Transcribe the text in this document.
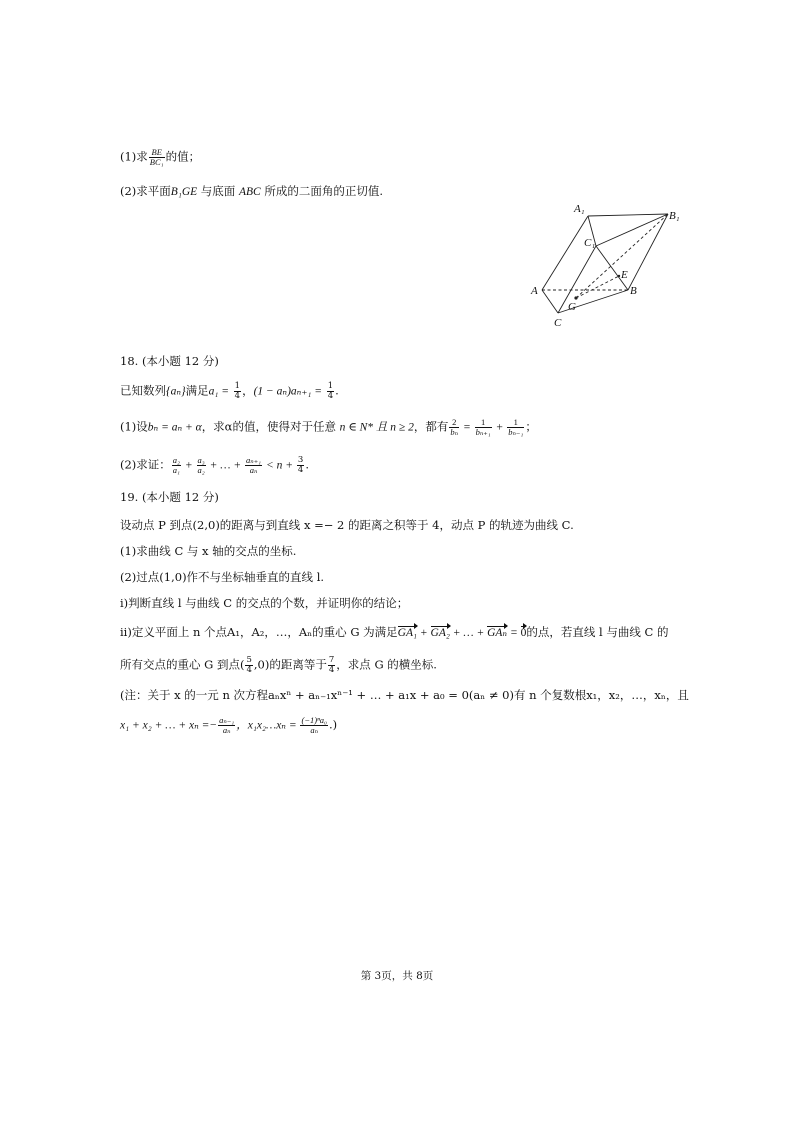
(1)求 $\frac{BE}{\text{BC₁}}$ 的值；
(2)求平面B₁GE 与底面 ABC 所成的二面角的正切值.
A₁
B₁
C₁
A	B
C
E
G
18. (本小题 12 分)
已知数列{aₙ}满足$a_1 = \frac{1}{4}$ ，$(1 - a_n)a_{n+1} = \frac{1}{4}$ .
(1)设bₙ = aₙ + α，求α的值，使得对于任意 n ∈ N* 且 n ≥ 2，都有 $\frac{2}{\text{bₙ}} = \frac{1}{\text{bₙ₊₁}} + \frac{1}{\text{bₙ₋₁}}$ ；
(2)求证： $\frac{\text{a₂}}{\text{a₁}} + \frac{\text{a₃}}{\text{a₂}}$ + … + $\frac{\text{aₙ₊₁}}{\text{aₙ}} < n + \frac{3}{4}$ .
19. (本小题 12 分)
设动点 P 到点(2,0)的距离与到直线 x =− 2 的距离之积等于 4，动点 P 的轨迹为曲线 C.
(1)求曲线 C 与 x 轴的交点的坐标.
(2)过点(1,0)作不与坐标轴垂直的直线 l.
i)判断直线 l 与曲线 C 的交点的个数，并证明你的结论；
ii)定义平面上 n 个点A₁，A₂，…，Aₙ的重心 G 为满足GA₁ + GA₂ + … + GAₙ = 0的点，若直线 l 与曲线 C 的
所有交点的重心 G 到点( $\frac{5}{4} ,0$)的距离等于 $\frac{7}{4}$ ，求点 G 的横坐标.
(注：关于 x 的一元 n 次方程aₙxⁿ + aₙ₋₁xⁿ⁻¹ + … + a₁x + a₀ = 0(aₙ ≠ 0)有 n 个复数根x₁，x₂，…，xₙ，且
x₁ + x₂ + … + $x_n =- \frac{\text{aₙ₋₁}}{\text{aₙ}}$ ，x₁x₂…xₙ = $\frac{\text{(−1)ⁿa₀}}{\text{aₙ}}$ .)
第 3页，共 8页
